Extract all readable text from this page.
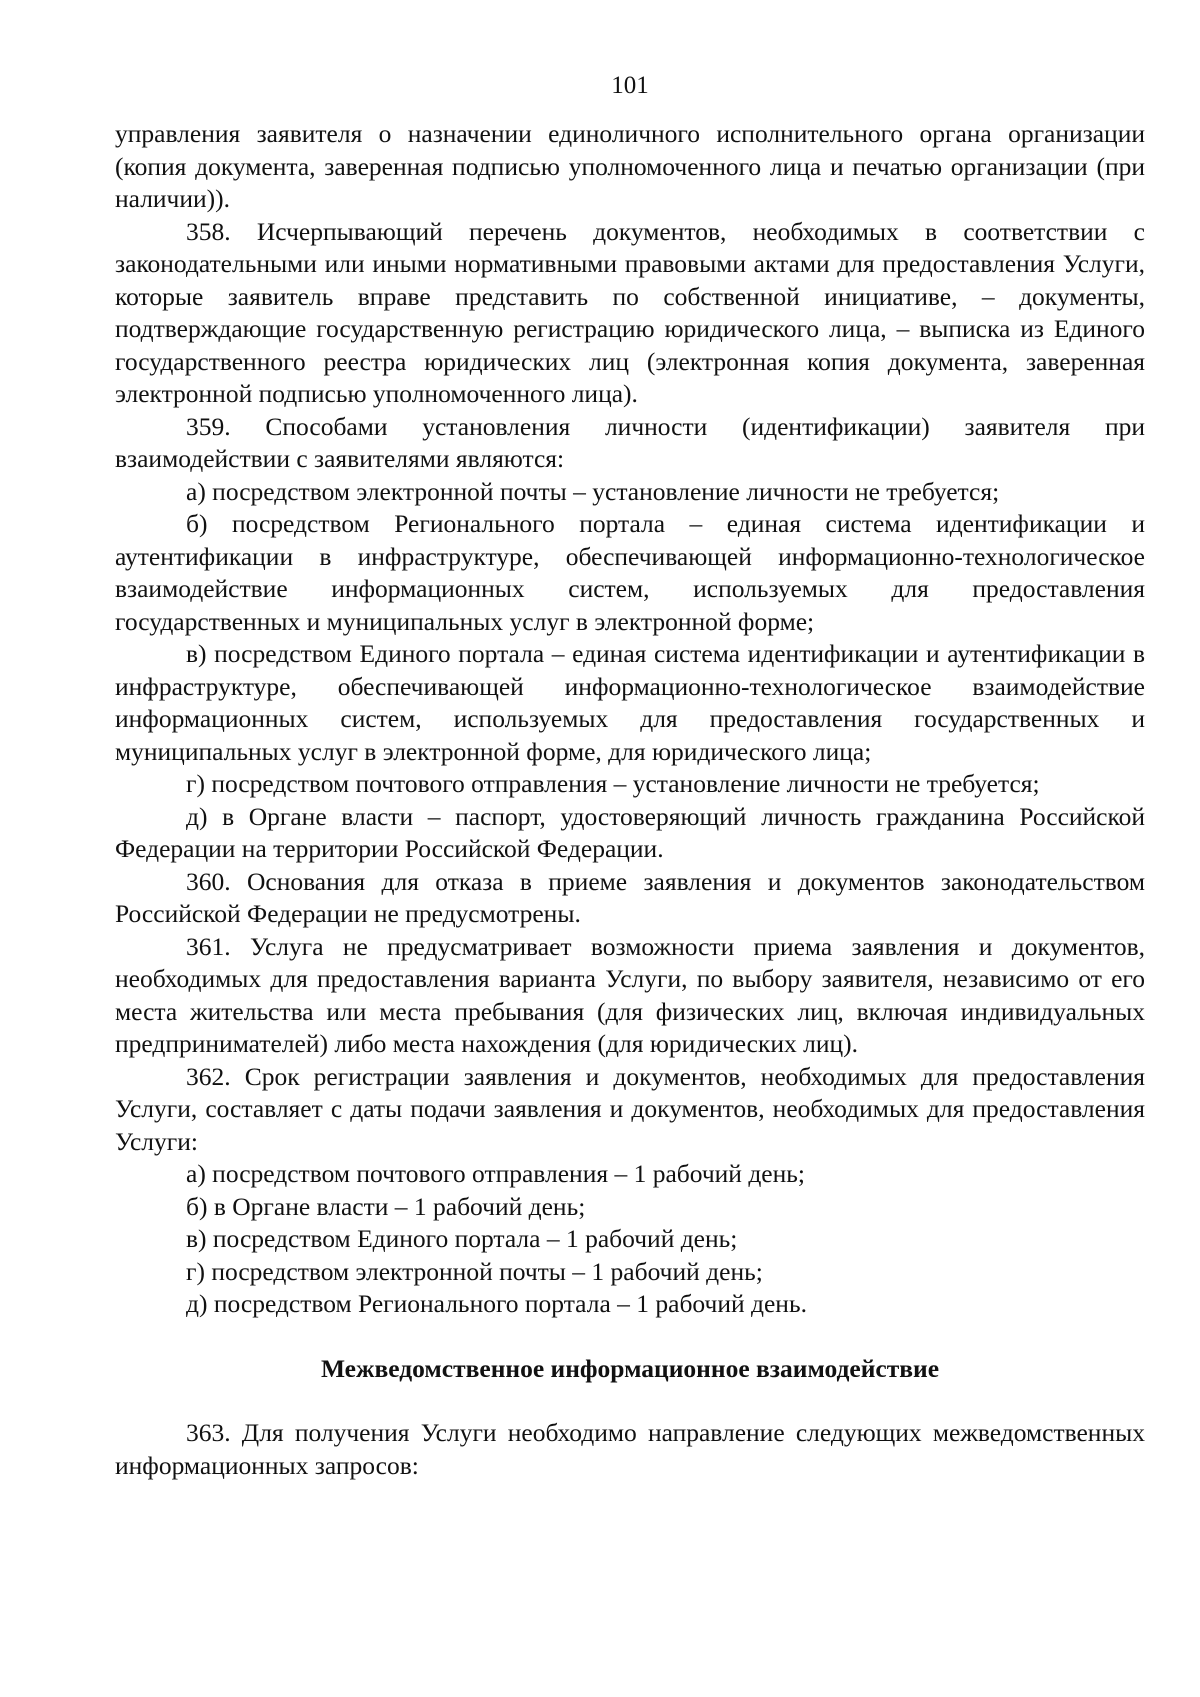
101

управления заявителя о назначении единоличного исполнительного органа организации (копия документа, заверенная подписью уполномоченного лица и печатью организации (при наличии)).

358. Исчерпывающий перечень документов, необходимых в соответствии с законодательными или иными нормативными правовыми актами для предоставления Услуги, которые заявитель вправе представить по собственной инициативе, – документы, подтверждающие государственную регистрацию юридического лица, – выписка из Единого государственного реестра юридических лиц (электронная копия документа, заверенная электронной подписью уполномоченного лица).

359. Способами установления личности (идентификации) заявителя при взаимодействии с заявителями являются:

а) посредством электронной почты – установление личности не требуется;

б) посредством Регионального портала – единая система идентификации и аутентификации в инфраструктуре, обеспечивающей информационно-технологическое взаимодействие информационных систем, используемых для предоставления государственных и муниципальных услуг в электронной форме;

в) посредством Единого портала – единая система идентификации и аутентификации в инфраструктуре, обеспечивающей информационно-технологическое взаимодействие информационных систем, используемых для предоставления государственных и муниципальных услуг в электронной форме, для юридического лица;

г) посредством почтового отправления – установление личности не требуется;

д) в Органе власти – паспорт, удостоверяющий личность гражданина Российской Федерации на территории Российской Федерации.

360. Основания для отказа в приеме заявления и документов законодательством Российской Федерации не предусмотрены.

361. Услуга не предусматривает возможности приема заявления и документов, необходимых для предоставления варианта Услуги, по выбору заявителя, независимо от его места жительства или места пребывания (для физических лиц, включая индивидуальных предпринимателей) либо места нахождения (для юридических лиц).

362. Срок регистрации заявления и документов, необходимых для предоставления Услуги, составляет с даты подачи заявления и документов, необходимых для предоставления Услуги:

а) посредством почтового отправления – 1 рабочий день;

б) в Органе власти – 1 рабочий день;

в) посредством Единого портала – 1 рабочий день;

г) посредством электронной почты – 1 рабочий день;

д) посредством Регионального портала – 1 рабочий день.

Межведомственное информационное взаимодействие

363. Для получения Услуги необходимо направление следующих межведомственных информационных запросов:
